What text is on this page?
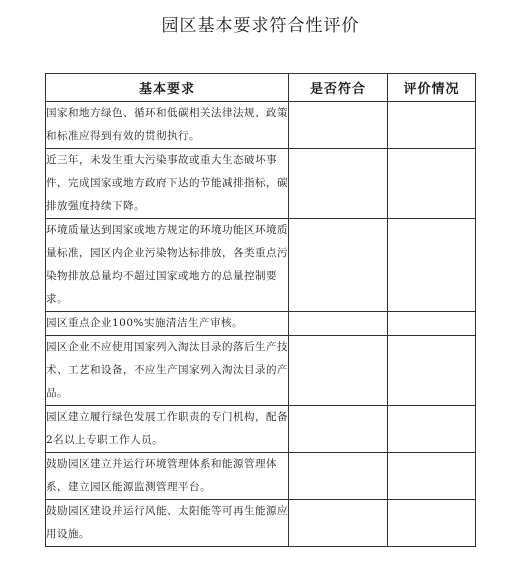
园区基本要求符合性评价
基本要求	是否符合	评价情况
国家和地方绿色、循环和低碳相关法律法规、政策和标准应得到有效的贯彻执行。		
近三年，未发生重大污染事故或重大生态破坏事件，完成国家或地方政府下达的节能减排指标，碳排放强度持续下降。		
环境质量达到国家或地方规定的环境功能区环境质量标准，园区内企业污染物达标排放，各类重点污染物排放总量均不超过国家或地方的总量控制要求。		
园区重点企业100%实施清洁生产审核。		
园区企业不应使用国家列入淘汰目录的落后生产技术、工艺和设备，不应生产国家列入淘汰目录的产品。		
园区建立履行绿色发展工作职责的专门机构，配备2名以上专职工作人员。		
鼓励园区建立并运行环境管理体系和能源管理体系，建立园区能源监测管理平台。		
鼓励园区建设并运行风能、太阳能等可再生能源应用设施。		
